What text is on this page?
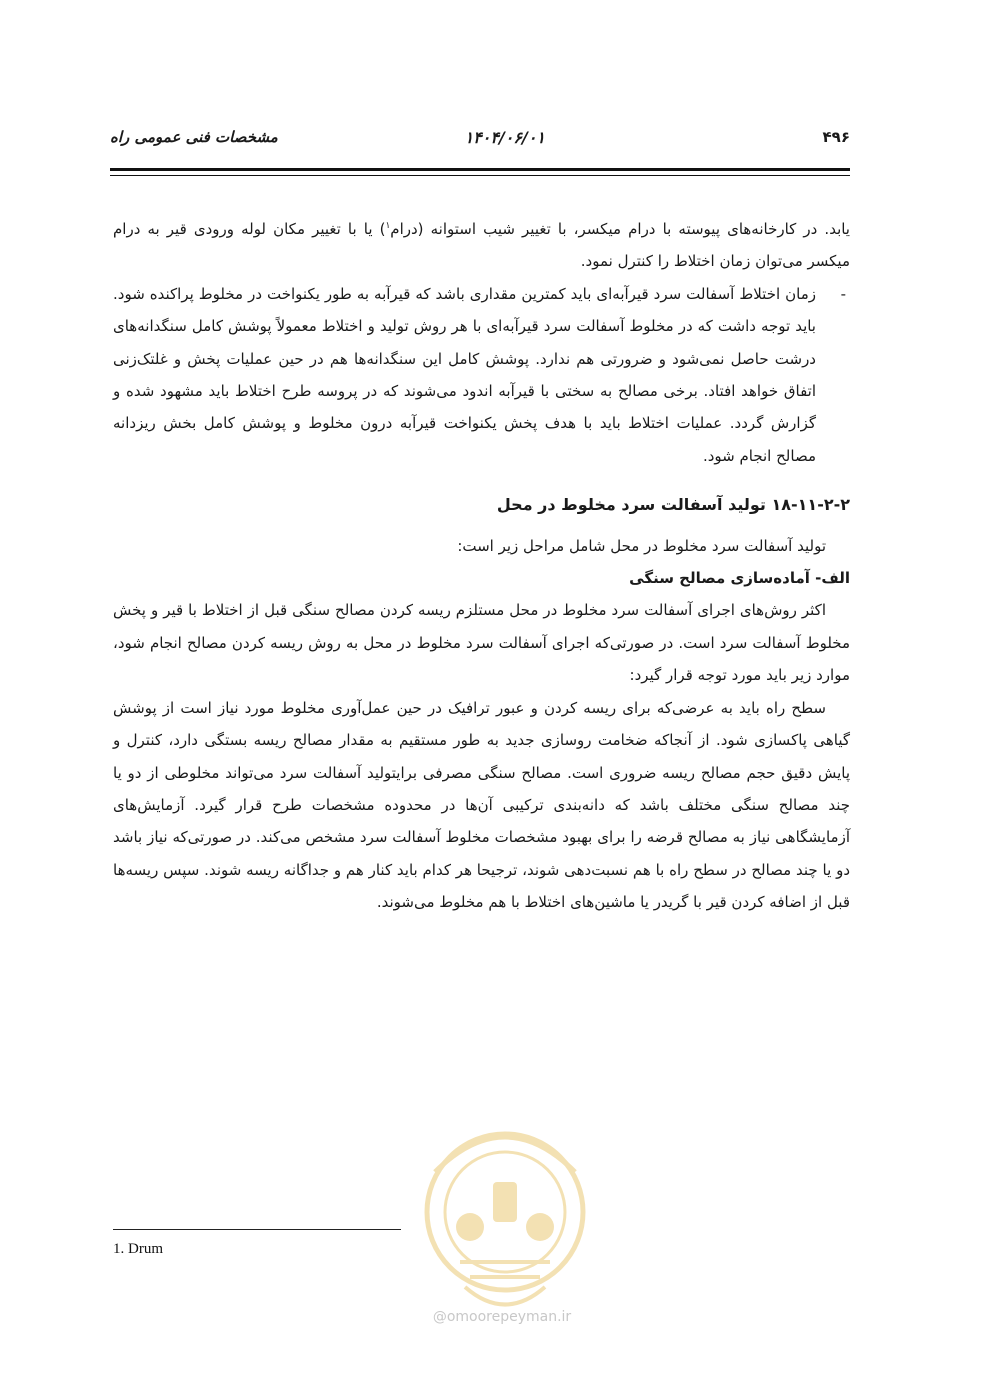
۴۹۶
۱۴۰۴/۰۶/۰۱
مشخصات فنی عمومی راه

یابد. در کارخانه‌های پیوسته با درام میکسر، با تغییر شیب استوانه (درام$^۱$) یا با تغییر مکان لوله ورودی قیر به درام میکسر می‌توان زمان اختلاط را کنترل نمود.

-
زمان اختلاط آسفالت سرد قیرآبه‌ای باید کمترین مقداری باشد که قیرآبه به طور یکنواخت در مخلوط پراکنده شود. باید توجه داشت که در مخلوط آسفالت سرد قیرآبه‌ای با هر روش تولید و اختلاط معمولاً پوشش کامل سنگدانه‌های درشت حاصل نمی‌شود و ضرورتی هم ندارد. پوشش کامل این سنگدانه‌ها هم در حین عملیات پخش و غلتک‌زنی اتفاق خواهد افتاد. برخی مصالح به سختی با قیرآبه اندود می‌شوند که در پروسه طرح اختلاط باید مشهود شده و گزارش گردد. عملیات اختلاط باید با هدف پخش یکنواخت قیرآبه درون مخلوط و پوشش کامل بخش ریزدانه مصالح انجام شود.

۱۸-۱۱-۲-۲ تولید آسفالت سرد مخلوط در محل

تولید آسفالت سرد مخلوط در محل شامل مراحل زیر است:

الف- آماده‌سازی مصالح سنگی

اکثر روش‌های اجرای آسفالت سرد مخلوط در محل مستلزم ریسه کردن مصالح سنگی قبل از اختلاط با قیر و پخش مخلوط آسفالت سرد است. در صورتی‌که اجرای آسفالت سرد مخلوط در محل به روش ریسه کردن مصالح انجام شود، موارد زیر باید مورد توجه قرار گیرد:

سطح راه باید به عرضی‌که برای ریسه کردن و عبور ترافیک در حین عمل‌آوری مخلوط مورد نیاز است از پوشش گیاهی پاکسازی شود. از آنجاکه ضخامت روسازی جدید به طور مستقیم به مقدار مصالح ریسه بستگی دارد، کنترل و پایش دقیق حجم مصالح ریسه ضروری است. مصالح سنگی مصرفی برایتولید آسفالت سرد می‌تواند مخلوطی از دو یا چند مصالح سنگی مختلف باشد که دانه‌بندی ترکیبی آن‌ها در محدوده مشخصات طرح قرار گیرد. آزمایش‌های آزمایشگاهی نیاز به مصالح قرضه را برای بهبود مشخصات مخلوط آسفالت سرد مشخص می‌کند. در صورتی‌که نیاز باشد دو یا چند مصالح در سطح راه با هم نسبت‌دهی شوند، ترجیحا هر کدام باید کنار هم و جداگانه ریسه شوند. سپس ریسه‌ها قبل از اضافه کردن قیر با گریدر یا ماشین‌های اختلاط با هم مخلوط می‌شوند.

1. Drum
@omoorepeyman.ir
